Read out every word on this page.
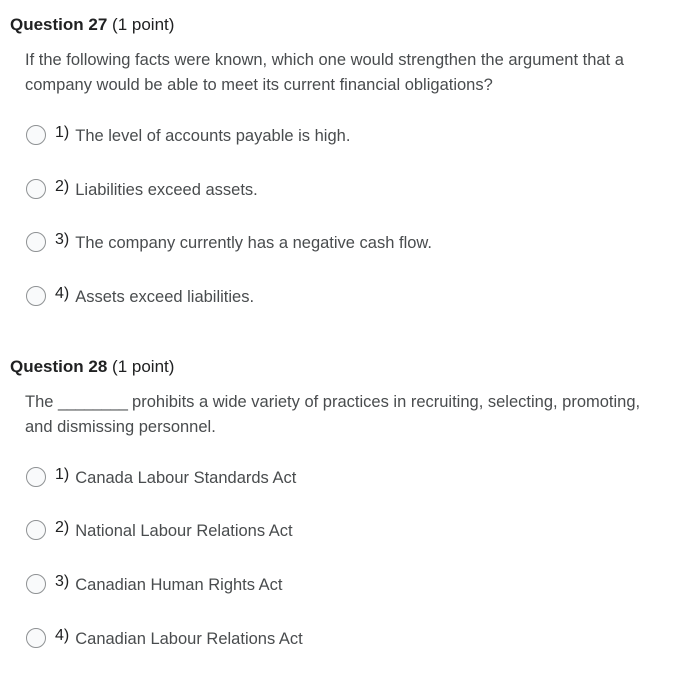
Question 27 (1 point)
If the following facts were known, which one would strengthen the argument that a company would be able to meet its current financial obligations?
1) The level of accounts payable is high.
2) Liabilities exceed assets.
3) The company currently has a negative cash flow.
4) Assets exceed liabilities.
Question 28 (1 point)
The ________ prohibits a wide variety of practices in recruiting, selecting, promoting, and dismissing personnel.
1) Canada Labour Standards Act
2) National Labour Relations Act
3) Canadian Human Rights Act
4) Canadian Labour Relations Act
